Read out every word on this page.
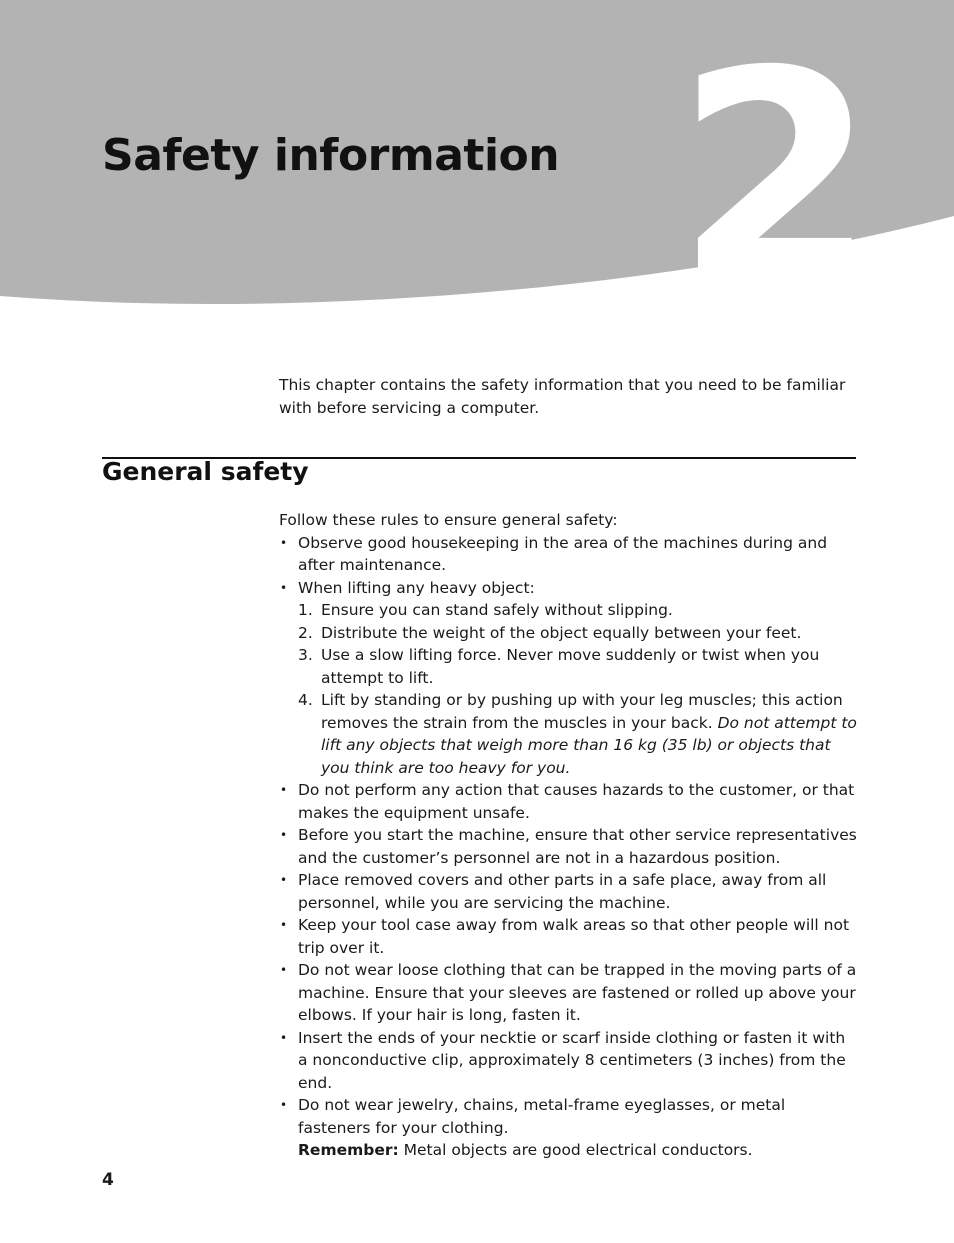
2
Safety information

This chapter contains the safety information that you need to be familiar with before servicing a computer.

General safety

Follow these rules to ensure general safety:

• Observe good housekeeping in the area of the machines during and after maintenance.
• When lifting any heavy object:
1. Ensure you can stand safely without slipping.
2. Distribute the weight of the object equally between your feet.
3. Use a slow lifting force. Never move suddenly or twist when you attempt to lift.
4. Lift by standing or by pushing up with your leg muscles; this action removes the strain from the muscles in your back. Do not attempt to lift any objects that weigh more than 16 kg (35 lb) or objects that you think are too heavy for you.
• Do not perform any action that causes hazards to the customer, or that makes the equipment unsafe.
• Before you start the machine, ensure that other service representatives and the customer’s personnel are not in a hazardous position.
• Place removed covers and other parts in a safe place, away from all personnel, while you are servicing the machine.
• Keep your tool case away from walk areas so that other people will not trip over it.
• Do not wear loose clothing that can be trapped in the moving parts of a machine. Ensure that your sleeves are fastened or rolled up above your elbows. If your hair is long, fasten it.
• Insert the ends of your necktie or scarf inside clothing or fasten it with a nonconductive clip, approximately 8 centimeters (3 inches) from the end.
• Do not wear jewelry, chains, metal-frame eyeglasses, or metal fasteners for your clothing.
Remember: Metal objects are good electrical conductors.
4
